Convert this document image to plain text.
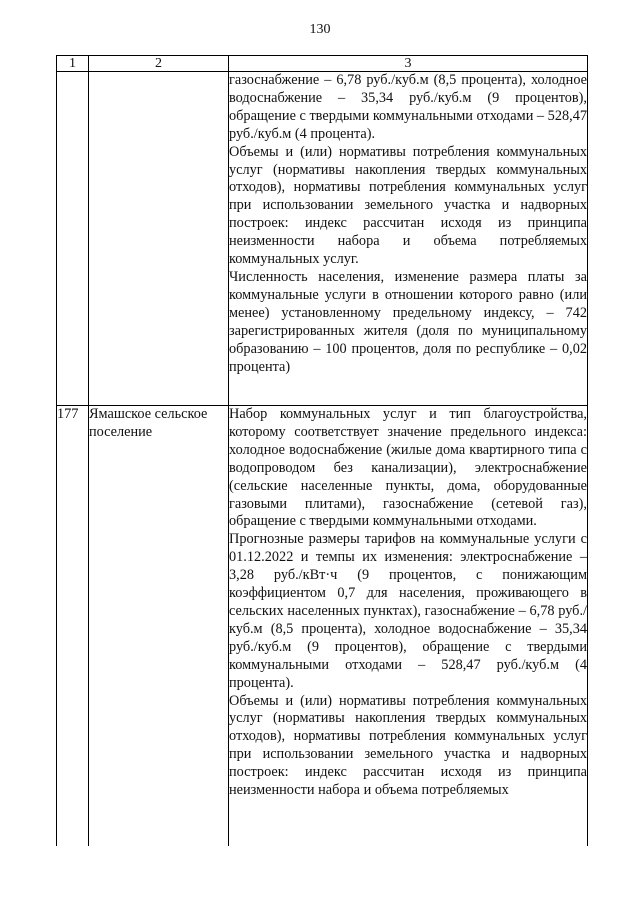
130
1	2	3

		газоснабжение – 6,78 руб./куб.м (8,5 процента), холодное водоснабжение – 35,34 руб./куб.м (9 процентов), обращение с твердыми коммунальными отходами – 528,47 руб./куб.м (4 процента).

Объемы и (или) нормативы потребления коммунальных услуг (нормативы накопления твердых коммунальных отходов), нормативы потребления коммунальных услуг при использовании земельного участка и надворных построек: индекс рассчитан исходя из принципа неизменности набора и объема потребляемых коммунальных услуг.

Численность населения, изменение размера платы за коммунальные услуги в отношении которого равно (или менее) установленному предельному индексу, – 742 зарегистрированных жителя (доля по муниципальному образованию – 100 процентов, доля по республике – 0,02 процента)

177	Ямашское сельское поселение	Набор коммунальных услуг и тип благоустройства, которому соответствует значение предельного индекса: холодное водоснабжение (жилые дома квартирного типа с водопроводом без канализации), электроснабжение (сельские населенные пункты, дома, оборудованные газовыми плитами), газоснабжение (сетевой газ), обращение с твердыми коммунальными отходами.

Прогнозные размеры тарифов на коммунальные услуги с 01.12.2022 и темпы их изменения: электроснабжение – 3,28 руб./кВт·ч (9 процентов, с понижающим коэффициентом 0,7 для населения, проживающего в сельских населенных пунктах), газоснабжение – 6,78 руб./куб.м (8,5 процента), холодное водоснабжение – 35,34 руб./куб.м (9 процентов), обращение с твердыми коммунальными отходами – 528,47 руб./куб.м (4 процента).

Объемы и (или) нормативы потребления коммунальных услуг (нормативы накопления твердых коммунальных отходов), нормативы потребления коммунальных услуг при использовании земельного участка и надворных построек: индекс рассчитан исходя из принципа неизменности набора и объема потребляемых
